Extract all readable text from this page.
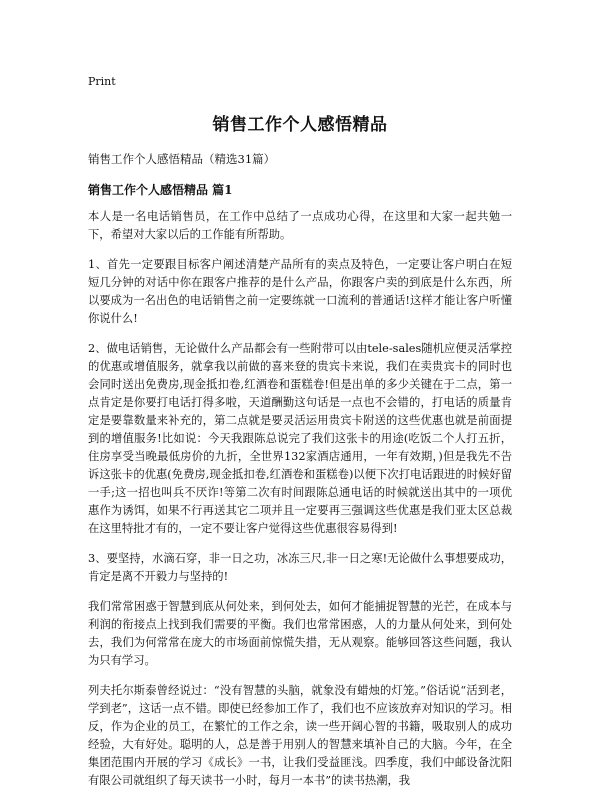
Print
销售工作个人感悟精品
销售工作个人感悟精品（精选31篇）
销售工作个人感悟精品 篇1

本人是一名电话销售员，在工作中总结了一点成功心得，在这里和大家一起共勉一下，希望对大家以后的工作能有所帮助。

1、首先一定要跟目标客户阐述清楚产品所有的卖点及特色，一定要让客户明白在短短几分钟的对话中你在跟客户推荐的是什么产品，你跟客户卖的到底是什么东西，所以要成为一名出色的电话销售之前一定要练就一口流利的普通话!这样才能让客户听懂你说什么!

2、做电话销售，无论做什么产品都会有一些附带可以由tele-sales随机应便灵活掌控的优惠或增值服务，就拿我以前做的喜来登的贵宾卡来说，我们在卖贵宾卡的同时也会同时送出免费房,现金抵扣卷,红酒卷和蛋糕卷!但是出单的多少关键在于二点，第一点肯定是你要打电话打得多啦，天道酬勤这句话是一点也不会错的，打电话的质量肯定是要靠数量来补充的，第二点就是要灵活运用贵宾卡附送的这些优惠也就是前面提到的增值服务!比如说：今天我跟陈总说完了我们这张卡的用途(吃饭二个人打五折，住房享受当晚最低房价的九折，全世界132家酒店通用，一年有效期，)但是我先不告诉这张卡的优惠(免费房,现金抵扣卷,红酒卷和蛋糕卷)以便下次打电话跟进的时候好留一手;这一招也叫兵不厌诈!等第二次有时间跟陈总通电话的时候就送出其中的一项优惠作为诱饵，如果不行再送其它二项并且一定要再三强调这些优惠是我们亚太区总裁在这里特批才有的，一定不要让客户觉得这些优惠很容易得到!

3、要坚持，水滴石穿，非一日之功，冰冻三尺,非一日之寒!无论做什么事想要成功，肯定是离不开毅力与坚持的!

我们常常困惑于智慧到底从何处来，到何处去，如何才能捕捉智慧的光芒，在成本与利润的衔接点上找到我们需要的平衡。我们也常常困惑，人的力量从何处来，到何处去，我们为何常常在庞大的市场面前惊慌失措，无从观察。能够回答这些问题，我认为只有学习。

列夫托尔斯泰曾经说过：“没有智慧的头脑，就象没有蜡烛的灯笼。”俗话说“活到老，学到老”，这话一点不错。即使已经参加工作了，我们也不应该放弃对知识的学习。相反，作为企业的员工，在繁忙的工作之余，读一些开阔心智的书籍，吸取别人的成功经验，大有好处。聪明的人，总是善于用别人的智慧来填补自己的大脑。今年，在全集团范围内开展的学习《成长》一书，让我们受益匪浅。四季度，我们中邮设备沈阳有限公司就组织了每天读书一小时，每月一本书”的读书热潮，我
